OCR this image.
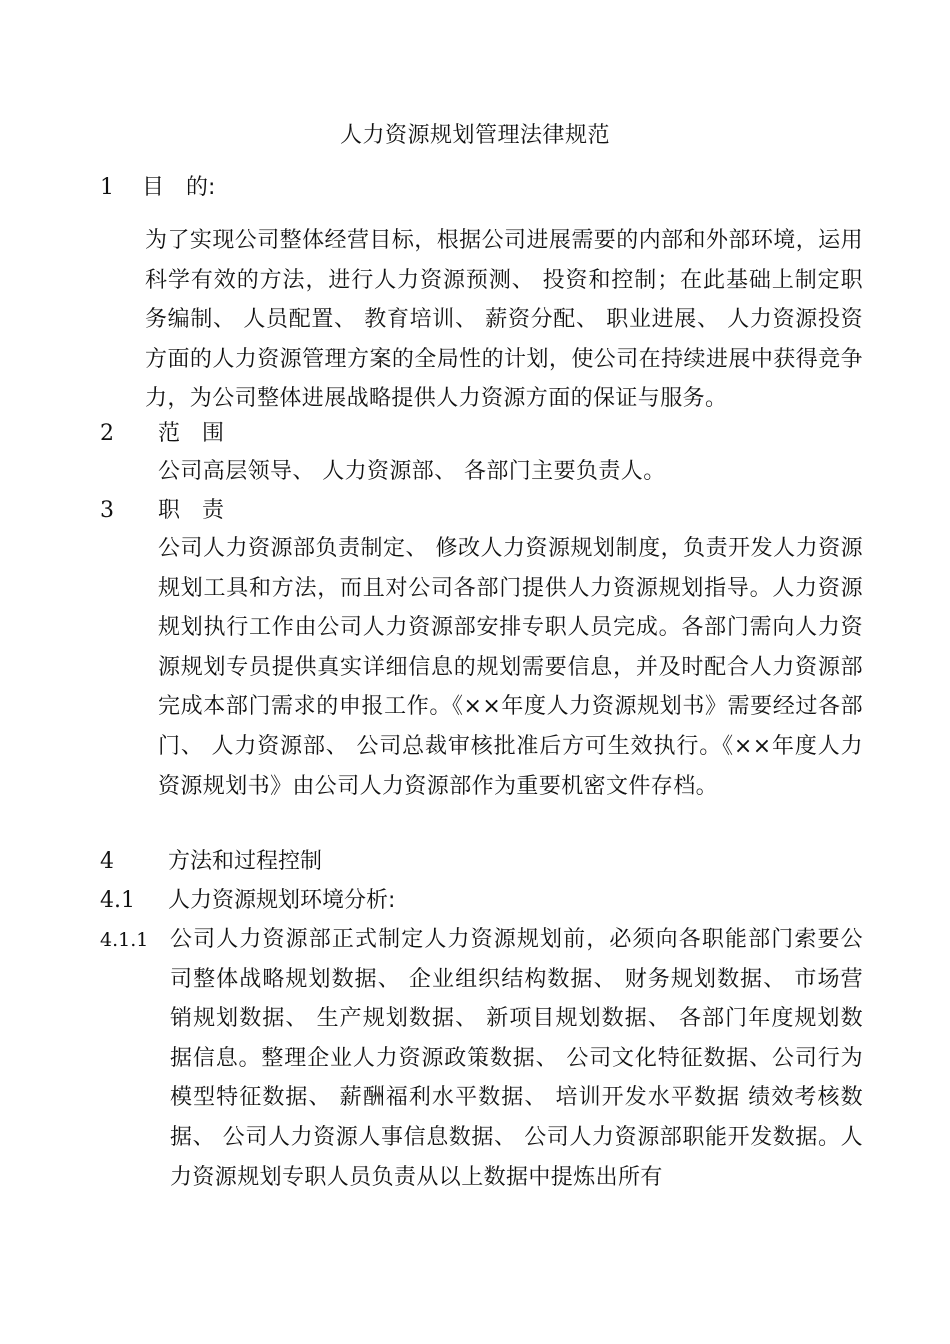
人力资源规划管理法律规范
1 目　的:

为了实现公司整体经营目标，根据公司进展需要的内部和外部环境，运用科学有效的方法，进行人力资源预测、 投资和控制；在此基础上制定职务编制、 人员配置、 教育培训、 薪资分配、 职业进展、 人力资源投资方面的人力资源管理方案的全局性的计划，使公司在持续进展中获得竞争力，为公司整体进展战略提供人力资源方面的保证与服务。

2 范　围

公司高层领导、 人力资源部、 各部门主要负责人。

3 职　责

公司人力资源部负责制定、 修改人力资源规划制度，负责开发人力资源规划工具和方法，而且对公司各部门提供人力资源规划指导。人力资源规划执行工作由公司人力资源部安排专职人员完成。各部门需向人力资源规划专员提供真实详细信息的规划需要信息，并及时配合人力资源部完成本部门需求的申报工作。《××年度人力资源规划书》需要经过各部门、 人力资源部、 公司总裁审核批准后方可生效执行。《××年度人力资源规划书》由公司人力资源部作为重要机密文件存档。

4 方法和过程控制
4.1 人力资源规划环境分析:
4.1.1 公司人力资源部正式制定人力资源规划前，必须向各职能部门索要公司整体战略规划数据、 企业组织结构数据、 财务规划数据、 市场营销规划数据、 生产规划数据、 新项目规划数据、 各部门年度规划数据信息。整理企业人力资源政策数据、 公司文化特征数据、公司行为模型特征数据、 薪酬福利水平数据、 培训开发水平数据 绩效考核数据、 公司人力资源人事信息数据、 公司人力资源部职能开发数据。人力资源规划专职人员负责从以上数据中提炼出所有
